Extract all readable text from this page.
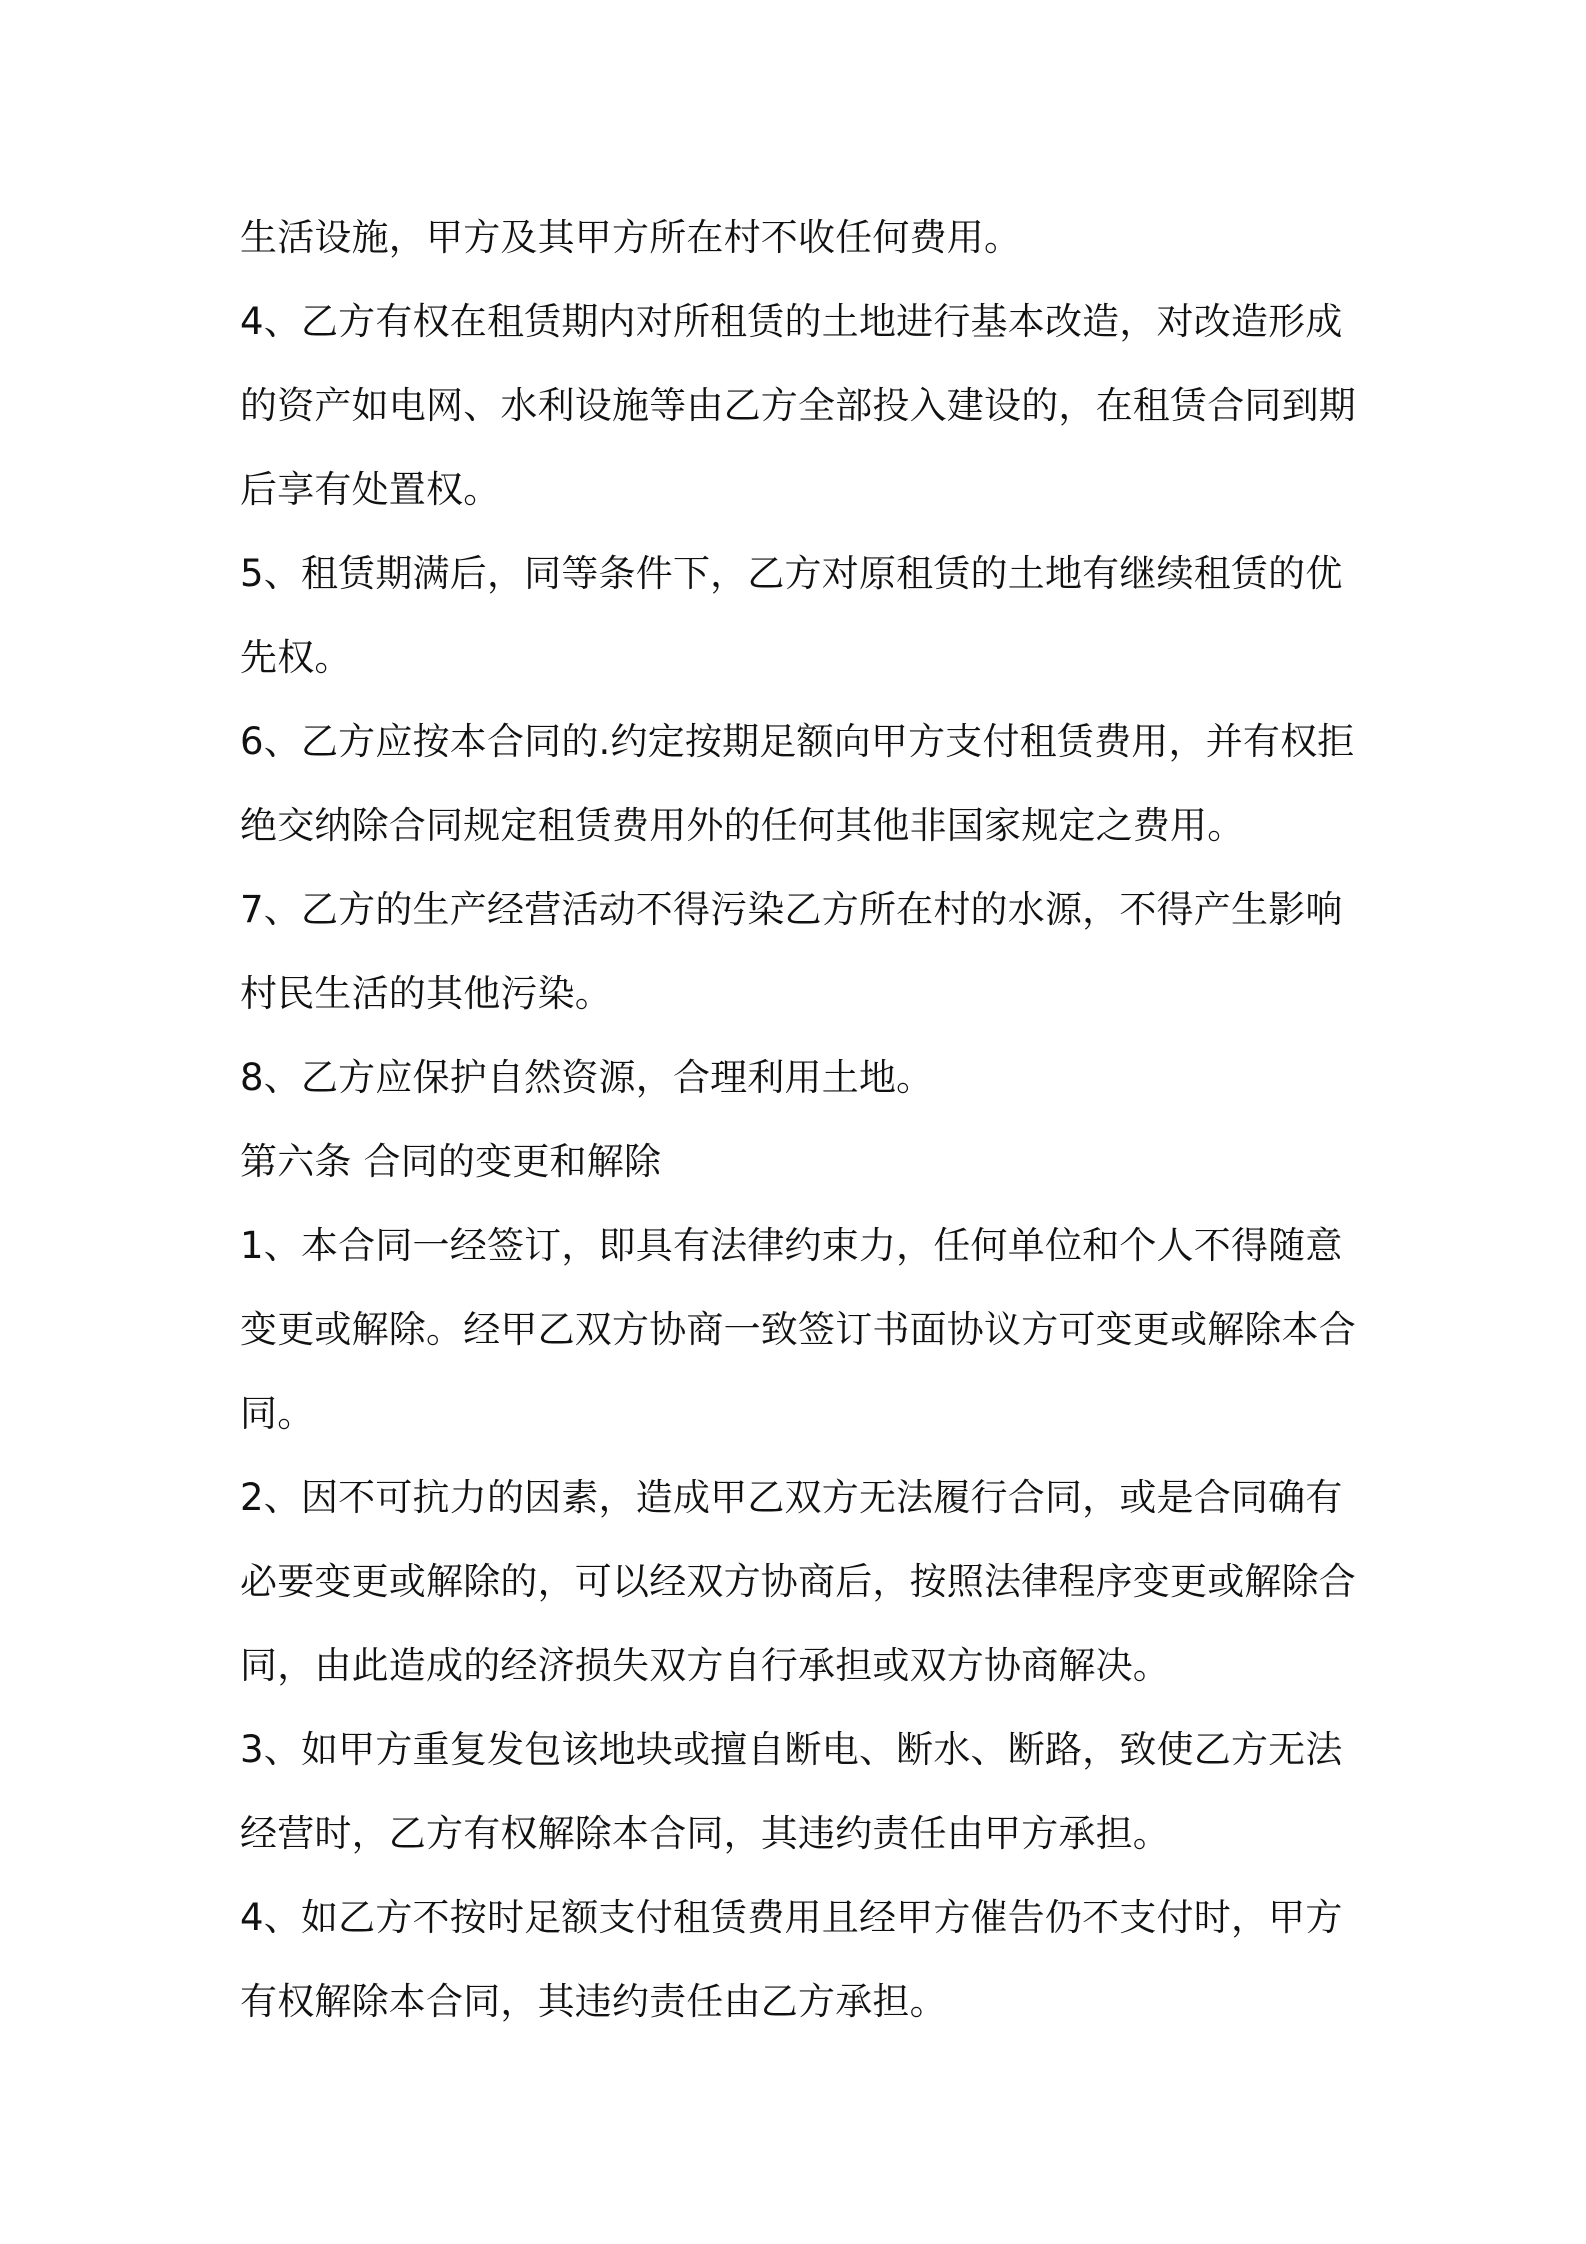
生活设施，甲方及其甲方所在村不收任何费用。
4、乙方有权在租赁期内对所租赁的土地进行基本改造，对改造形成
的资产如电网、水利设施等由乙方全部投入建设的，在租赁合同到期
后享有处置权。
5、租赁期满后，同等条件下，乙方对原租赁的土地有继续租赁的优
先权。
6、乙方应按本合同的.约定按期足额向甲方支付租赁费用，并有权拒
绝交纳除合同规定租赁费用外的任何其他非国家规定之费用。
7、乙方的生产经营活动不得污染乙方所在村的水源，不得产生影响
村民生活的其他污染。
8、乙方应保护自然资源，合理利用土地。
第六条 合同的变更和解除
1、本合同一经签订，即具有法律约束力，任何单位和个人不得随意
变更或解除。经甲乙双方协商一致签订书面协议方可变更或解除本合
同。
2、因不可抗力的因素，造成甲乙双方无法履行合同，或是合同确有
必要变更或解除的，可以经双方协商后，按照法律程序变更或解除合
同，由此造成的经济损失双方自行承担或双方协商解决。
3、如甲方重复发包该地块或擅自断电、断水、断路，致使乙方无法
经营时，乙方有权解除本合同，其违约责任由甲方承担。
4、如乙方不按时足额支付租赁费用且经甲方催告仍不支付时，甲方
有权解除本合同，其违约责任由乙方承担。
